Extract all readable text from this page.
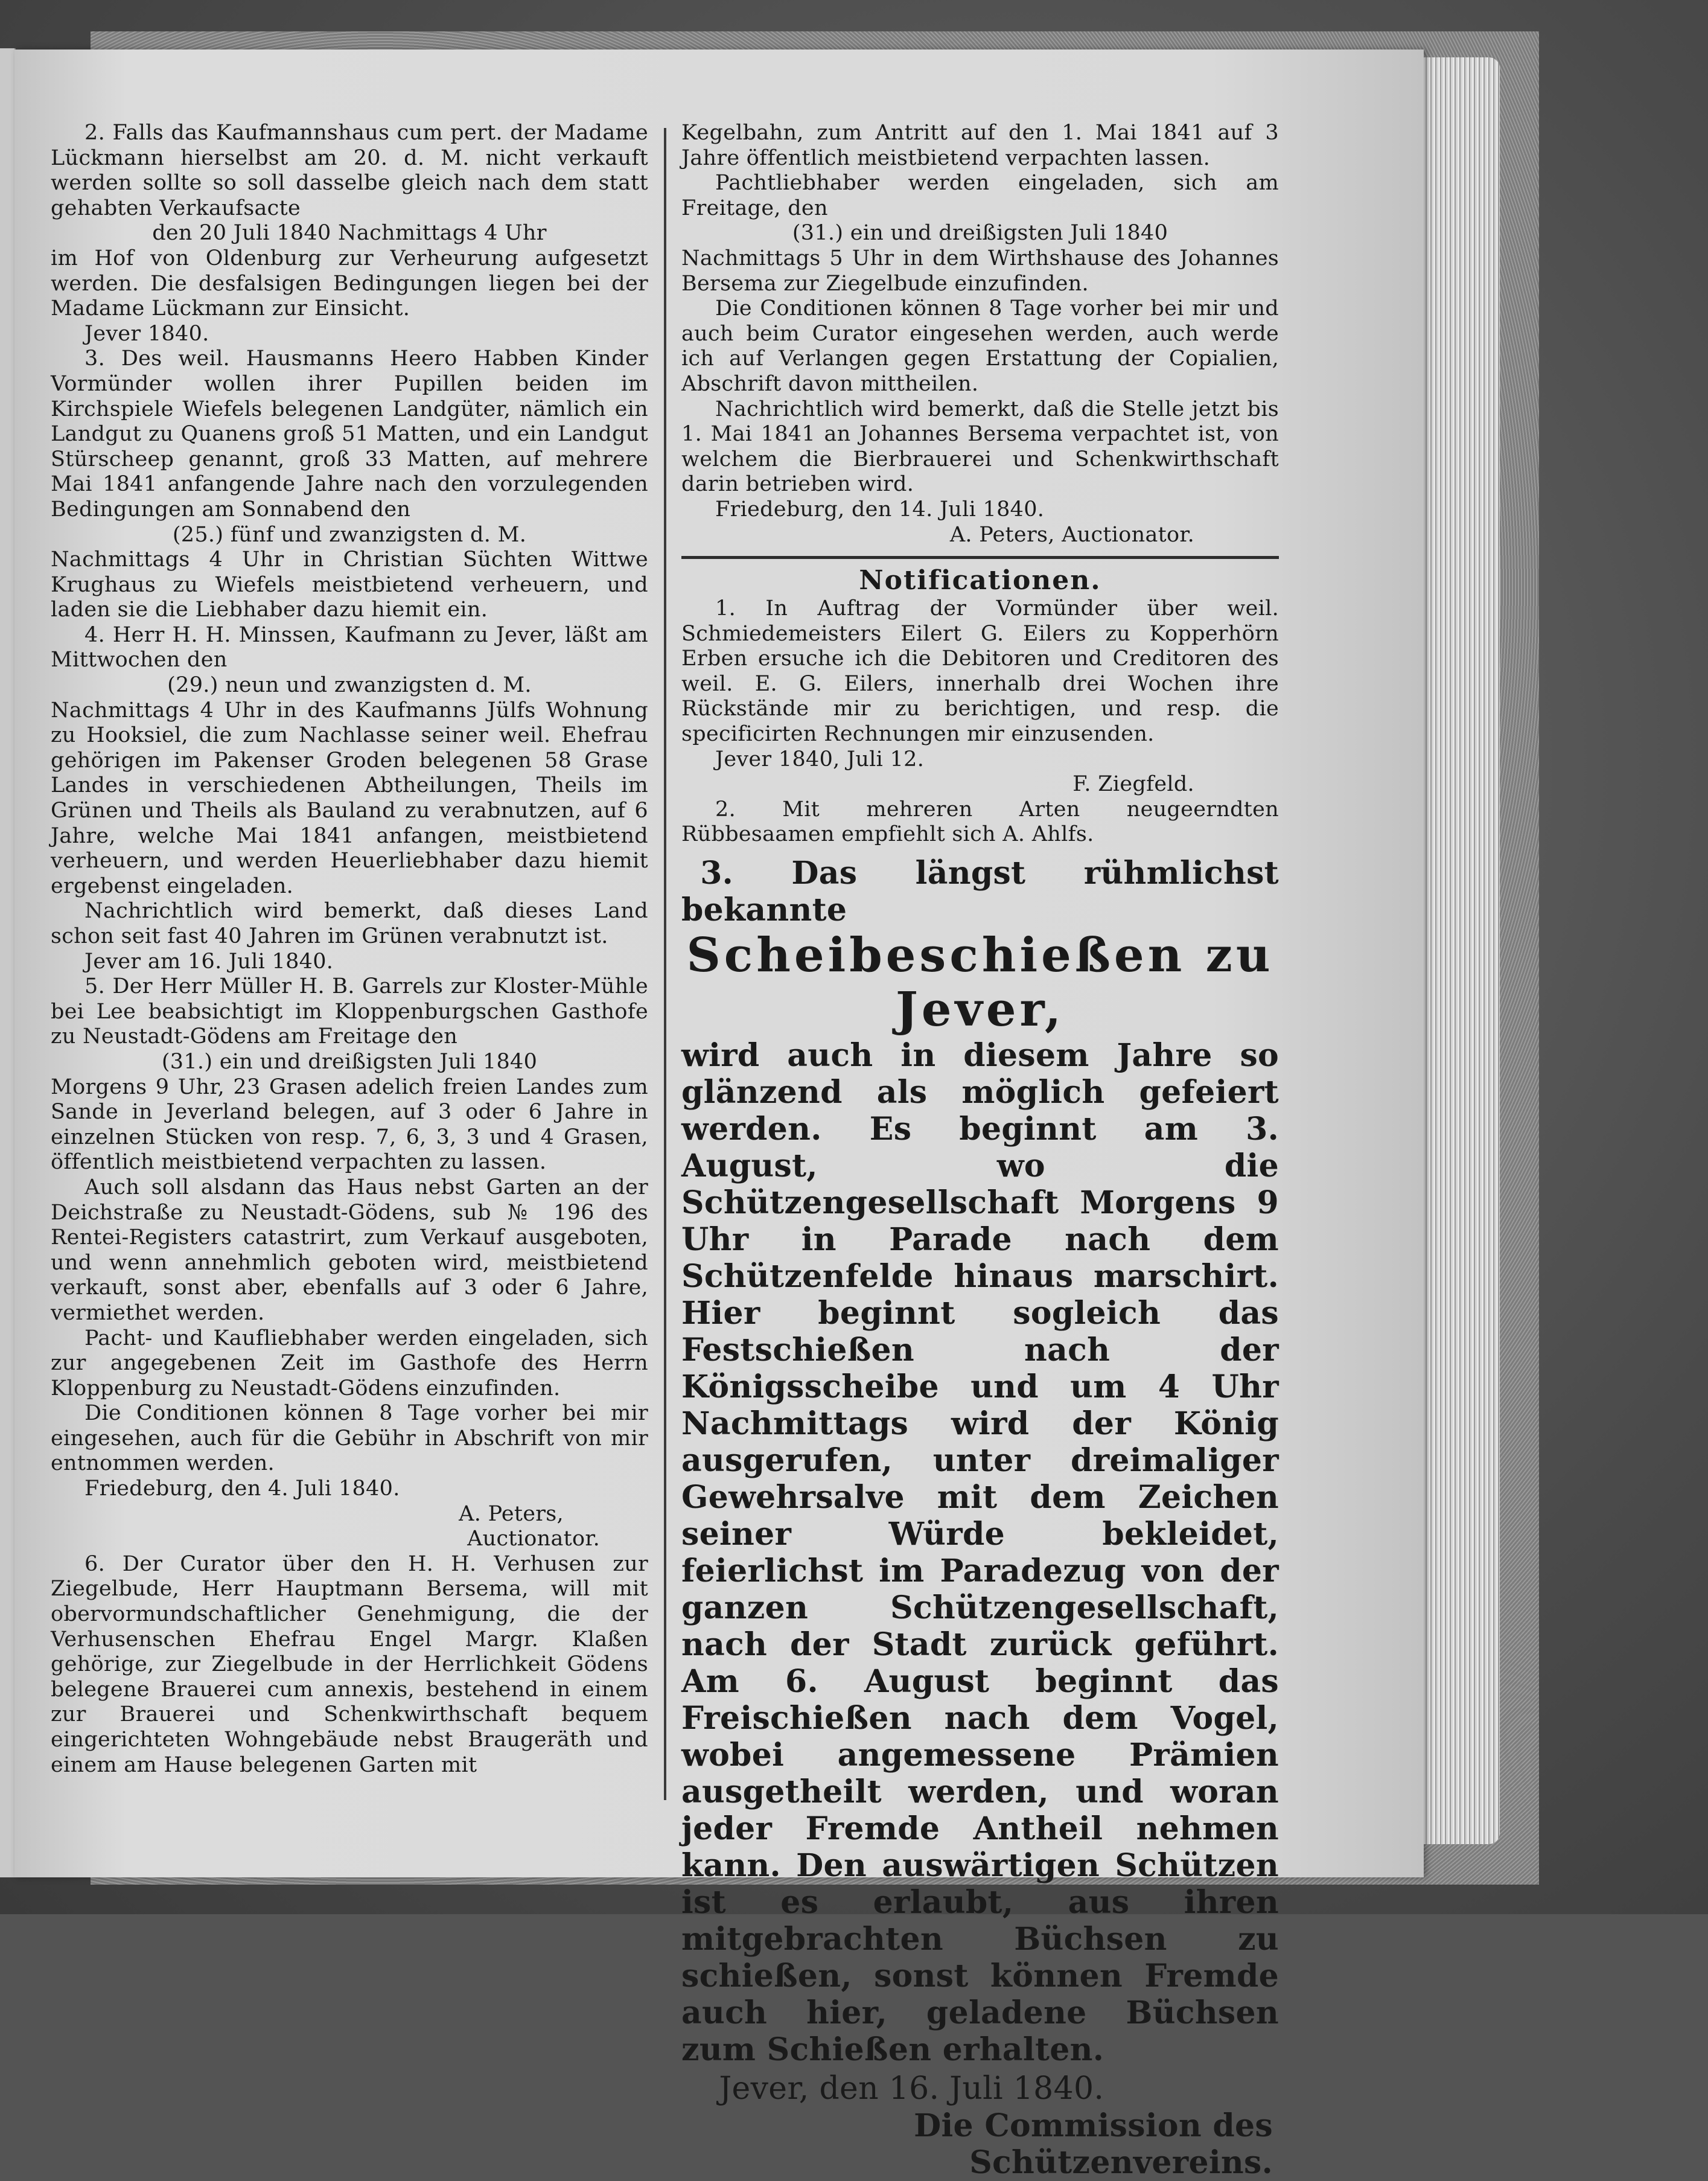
2. Falls das Kaufmannshaus cum pert. der Madame Lückmann hierselbst am 20. d. M. nicht verkauft werden sollte so soll dasselbe gleich nach dem statt gehabten Verkaufsacte

den 20 Juli 1840 Nachmittags 4 Uhr

im Hof von Oldenburg zur Verheurung aufgesetzt werden. Die desfalsigen Bedingungen liegen bei der Madame Lückmann zur Einsicht.

Jever 1840.

3. Des weil. Hausmanns Heero Habben Kinder Vormünder wollen ihrer Pupillen beiden im Kirchspiele Wiefels belegenen Landgüter, nämlich ein Landgut zu Quanens groß 51 Matten, und ein Landgut Stürscheep genannt, groß 33 Matten, auf mehrere Mai 1841 anfangende Jahre nach den vorzulegenden Bedingungen am Sonnabend den

(25.) fünf und zwanzigsten d. M.

Nachmittags 4 Uhr in Christian Süchten Wittwe Krughaus zu Wiefels meistbietend verheuern, und laden sie die Liebhaber dazu hiemit ein.

4. Herr H. H. Minssen, Kaufmann zu Jever, läßt am Mittwochen den

(29.) neun und zwanzigsten d. M.

Nachmittags 4 Uhr in des Kaufmanns Jülfs Wohnung zu Hooksiel, die zum Nachlasse seiner weil. Ehefrau gehörigen im Pakenser Groden belegenen 58 Grase Landes in verschiedenen Abtheilungen, Theils im Grünen und Theils als Bauland zu verabnutzen, auf 6 Jahre, welche Mai 1841 anfangen, meistbietend verheuern, und werden Heuerliebhaber dazu hiemit ergebenst eingeladen.

Nachrichtlich wird bemerkt, daß dieses Land schon seit fast 40 Jahren im Grünen verabnutzt ist.

Jever am 16. Juli 1840.

5. Der Herr Müller H. B. Garrels zur Kloster-Mühle bei Lee beabsichtigt im Kloppenburgschen Gasthofe zu Neustadt-Gödens am Freitage den

(31.) ein und dreißigsten Juli 1840

Morgens 9 Uhr, 23 Grasen adelich freien Landes zum Sande in Jeverland belegen, auf 3 oder 6 Jahre in einzelnen Stücken von resp. 7, 6, 3, 3 und 4 Grasen, öffentlich meistbietend verpachten zu lassen.

Auch soll alsdann das Haus nebst Garten an der Deichstraße zu Neustadt-Gödens, sub № 196 des Rentei-Registers catastrirt, zum Verkauf ausgeboten, und wenn annehmlich geboten wird, meistbietend verkauft, sonst aber, ebenfalls auf 3 oder 6 Jahre, vermiethet werden.

Pacht- und Kaufliebhaber werden eingeladen, sich zur angegebenen Zeit im Gasthofe des Herrn Kloppenburg zu Neustadt-Gödens einzufinden.

Die Conditionen können 8 Tage vorher bei mir eingesehen, auch für die Gebühr in Abschrift von mir entnommen werden.

Friedeburg, den 4. Juli 1840.

A. Peters,

Auctionator.

6. Der Curator über den H. H. Verhusen zur Ziegelbude, Herr Hauptmann Bersema, will mit obervormundschaftlicher Genehmigung, die der Verhusenschen Ehefrau Engel Margr. Klaßen gehörige, zur Ziegelbude in der Herrlichkeit Gödens belegene Brauerei cum annexis, bestehend in einem zur Brauerei und Schenkwirthschaft bequem eingerichteten Wohngebäude nebst Braugeräth und einem am Hause belegenen Garten mit

Kegelbahn, zum Antritt auf den 1. Mai 1841 auf 3 Jahre öffentlich meistbietend verpachten lassen.

Pachtliebhaber werden eingeladen, sich am Freitage, den

(31.) ein und dreißigsten Juli 1840

Nachmittags 5 Uhr in dem Wirthshause des Johannes Bersema zur Ziegelbude einzufinden.

Die Conditionen können 8 Tage vorher bei mir und auch beim Curator eingesehen werden, auch werde ich auf Verlangen gegen Erstattung der Copialien, Abschrift davon mittheilen.

Nachrichtlich wird bemerkt, daß die Stelle jetzt bis 1. Mai 1841 an Johannes Bersema verpachtet ist, von welchem die Bierbrauerei und Schenkwirthschaft darin betrieben wird.

Friedeburg, den 14. Juli 1840.

A. Peters, Auctionator.

Notificationen.

1. In Auftrag der Vormünder über weil. Schmiedemeisters Eilert G. Eilers zu Kopperhörn Erben ersuche ich die Debitoren und Creditoren des weil. E. G. Eilers, innerhalb drei Wochen ihre Rückstände mir zu berichtigen, und resp. die specificirten Rechnungen mir einzusenden.

Jever 1840, Juli 12.

F. Ziegfeld.

2. Mit mehreren Arten neugeerndten Rübbesaamen empfiehlt sich A. Ahlfs.

3. Das längst rühmlichst bekannte

Scheibeschießen zu Jever,

wird auch in diesem Jahre so glänzend als möglich gefeiert werden. Es beginnt am 3. August, wo die Schützengesellschaft Morgens 9 Uhr in Parade nach dem Schützenfelde hinaus marschirt. Hier beginnt sogleich das Festschießen nach der Königsscheibe und um 4 Uhr Nachmittags wird der König ausgerufen, unter dreimaliger Gewehrsalve mit dem Zeichen seiner Würde bekleidet, feierlichst im Paradezug von der ganzen Schützengesellschaft, nach der Stadt zurück geführt. Am 6. August beginnt das Freischießen nach dem Vogel, wobei angemessene Prämien ausgetheilt werden, und woran jeder Fremde Antheil nehmen kann. Den auswärtigen Schützen ist es erlaubt, aus ihren mitgebrachten Büchsen zu schießen, sonst können Fremde auch hier, geladene Büchsen zum Schießen erhalten.

Jever, den 16. Juli 1840.

Die Commission des Schützenvereins.
